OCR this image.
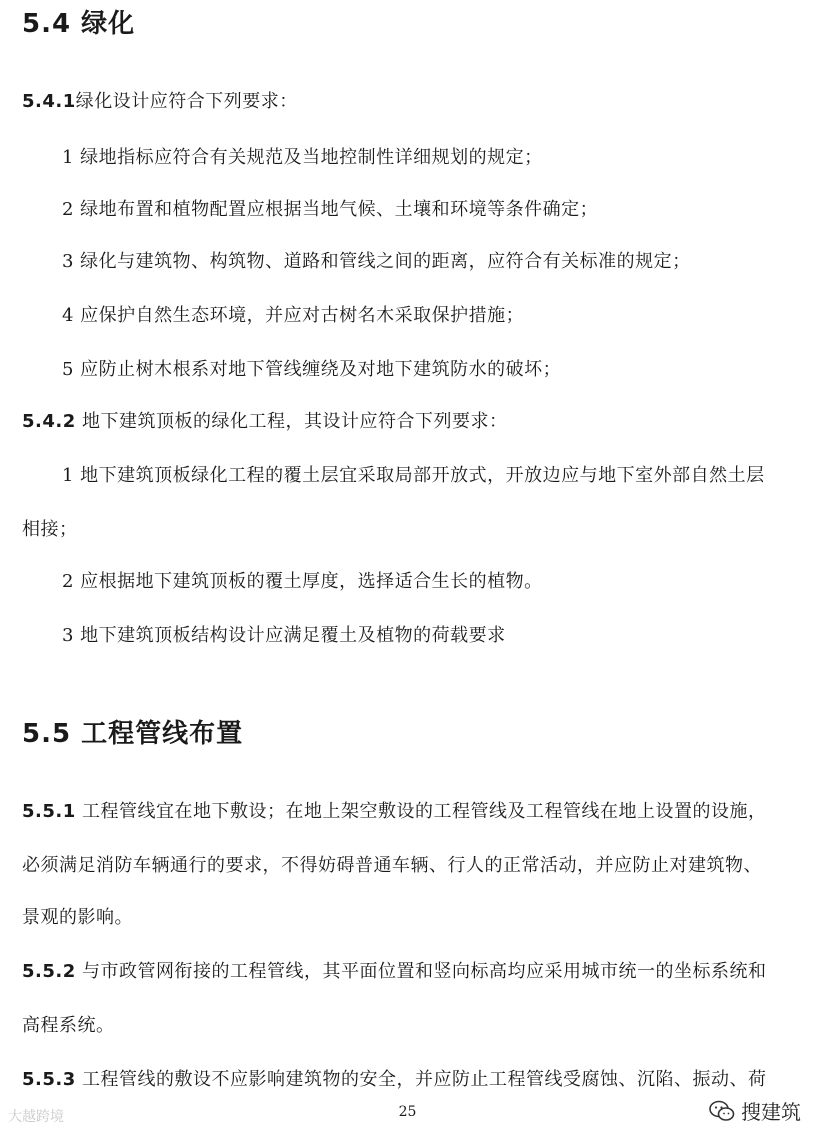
5.4 绿化
5.4.1绿化设计应符合下列要求：
1 绿地指标应符合有关规范及当地控制性详细规划的规定；
2 绿地布置和植物配置应根据当地气候、土壤和环境等条件确定；
3 绿化与建筑物、构筑物、道路和管线之间的距离，应符合有关标准的规定；
4 应保护自然生态环境，并应对古树名木采取保护措施；
5 应防止树木根系对地下管线缠绕及对地下建筑防水的破坏；
5.4.2 地下建筑顶板的绿化工程，其设计应符合下列要求：
1 地下建筑顶板绿化工程的覆土层宜采取局部开放式，开放边应与地下室外部自然土层
相接；
2 应根据地下建筑顶板的覆土厚度，选择适合生长的植物。
3 地下建筑顶板结构设计应满足覆土及植物的荷载要求
5.5 工程管线布置
5.5.1 工程管线宜在地下敷设；在地上架空敷设的工程管线及工程管线在地上设置的设施，
必须满足消防车辆通行的要求，不得妨碍普通车辆、行人的正常活动，并应防止对建筑物、
景观的影响。
5.5.2 与市政管网衔接的工程管线，其平面位置和竖向标高均应采用城市统一的坐标系统和
高程系统。
5.5.3 工程管线的敷设不应影响建筑物的安全，并应防止工程管线受腐蚀、沉陷、振动、荷
25
大越跨境	搜建筑
